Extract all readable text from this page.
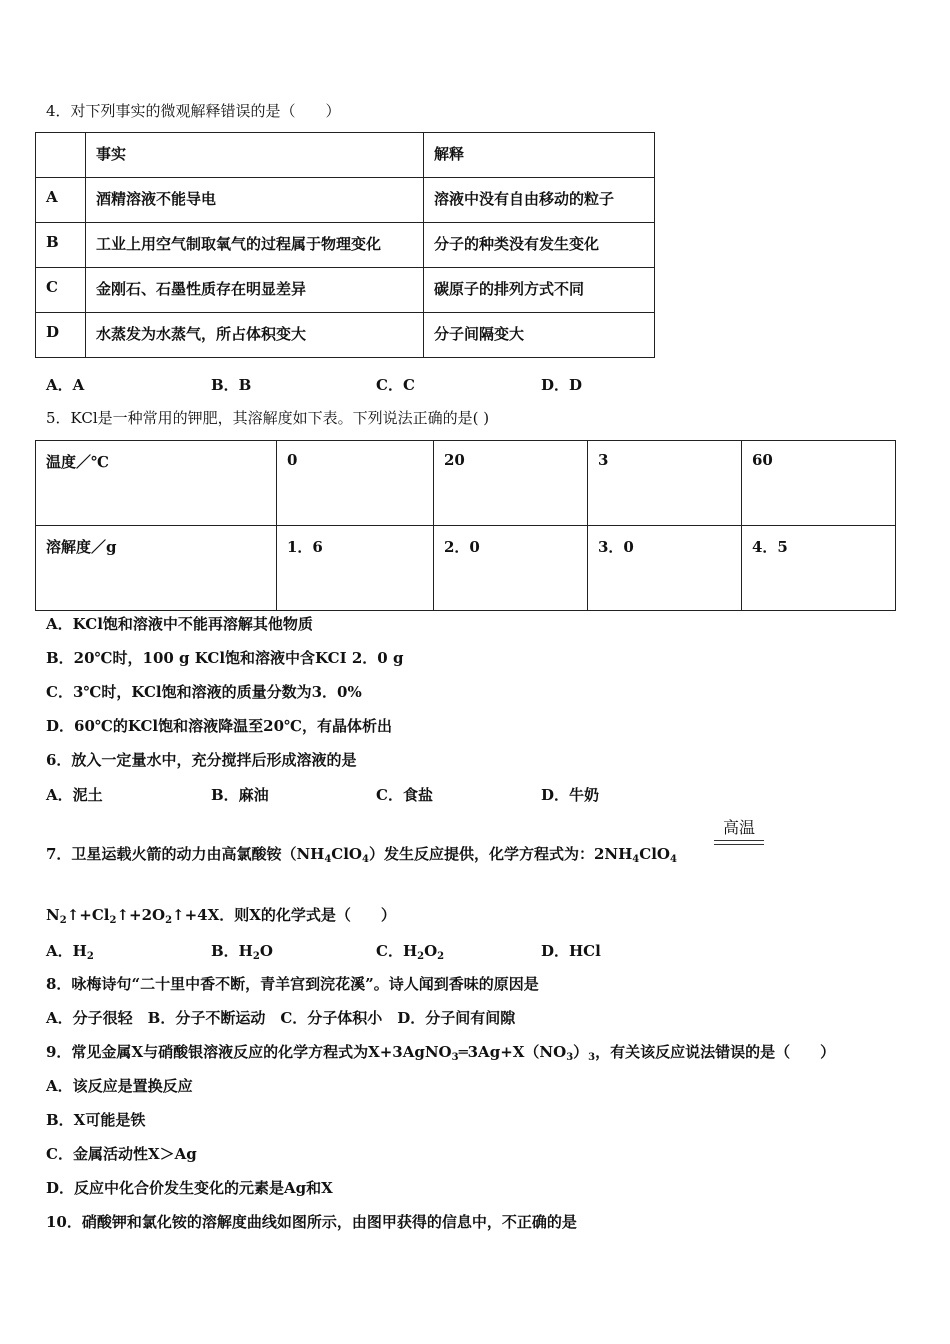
4．对下列事实的微观解释错误的是（　　）
	事实	解释
A	酒精溶液不能导电	溶液中没有自由移动的粒子
B	工业上用空气制取氧气的过程属于物理变化	分子的种类没有发生变化
C	金刚石、石墨性质存在明显差异	碳原子的排列方式不同
D	水蒸发为水蒸气，所占体积变大	分子间隔变大
A．A	B．B	C．C	D．D
5．KCl是一种常用的钾肥，其溶解度如下表。下列说法正确的是( )
温度／℃	0	20	3	60
溶解度／g	1．6	2．0	3．0	4．5
A．KCl饱和溶液中不能再溶解其他物质
B．20℃时，100 g KCl饱和溶液中含KCI 2．0 g
C．3℃时，KCl饱和溶液的质量分数为3．0%
D．60℃的KCl饱和溶液降温至20℃，有晶体析出
6．放入一定量水中，充分搅拌后形成溶液的是
A．泥土	B．麻油	C．食盐	D．牛奶
7．卫星运载火箭的动力由高氯酸铵$(NH_4ClO_4)$发生反应提供，化学方程式为：$2NH_4ClO_4$
高温
$N_2↑+Cl_2↑+2O_2↑+4X$．则X的化学式是（　　）
A．$H_2$	B．$H_2O$	C．$H_2O_2$	D．HCl
8．咏梅诗句“二十里中香不断，青羊宫到浣花溪”。诗人闻到香味的原因是
A．分子很轻　B．分子不断运动　C．分子体积小　D．分子间有间隙
9．常见金属X与硝酸银溶液反应的化学方程式为$X+3AgNO_3═3Ag+X(NO_3)_3$，有关该反应说法错误的是（　　）
A．该反应是置换反应
B．X可能是铁
C．金属活动性X＞Ag
D．反应中化合价发生变化的元素是Ag和X
10．硝酸钾和氯化铵的溶解度曲线如图所示，由图甲获得的信息中，不正确的是
